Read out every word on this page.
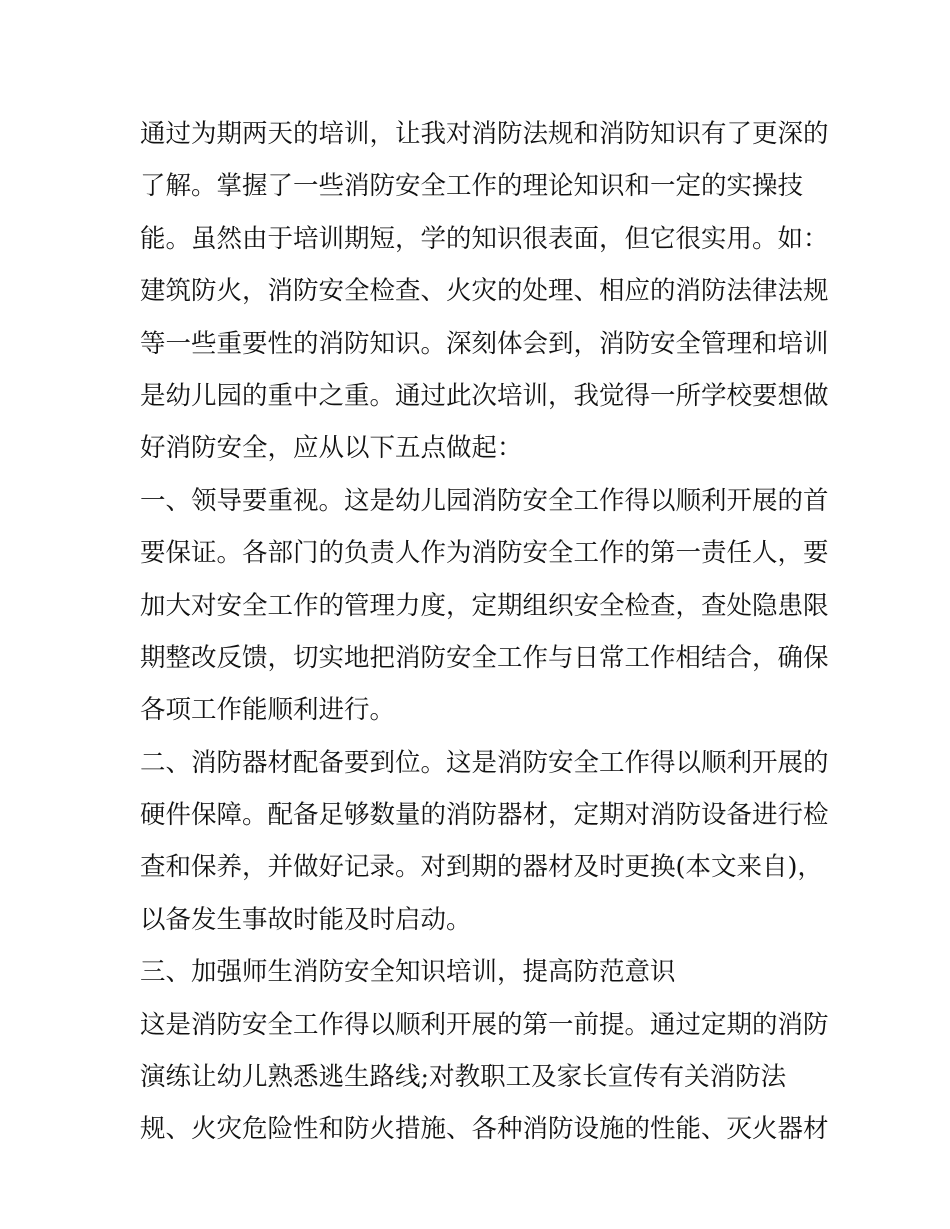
通过为期两天的培训，让我对消防法规和消防知识有了更深的
了解。掌握了一些消防安全工作的理论知识和一定的实操技
能。虽然由于培训期短，学的知识很表面，但它很实用。如：
建筑防火，消防安全检查、火灾的处理、相应的消防法律法规
等一些重要性的消防知识。深刻体会到，消防安全管理和培训
是幼儿园的重中之重。通过此次培训，我觉得一所学校要想做
好消防安全，应从以下五点做起：
一、领导要重视。这是幼儿园消防安全工作得以顺利开展的首
要保证。各部门的负责人作为消防安全工作的第一责任人，要
加大对安全工作的管理力度，定期组织安全检查，查处隐患限
期整改反馈，切实地把消防安全工作与日常工作相结合，确保
各项工作能顺利进行。
二、消防器材配备要到位。这是消防安全工作得以顺利开展的
硬件保障。配备足够数量的消防器材，定期对消防设备进行检
查和保养，并做好记录。对到期的器材及时更换(本文来自)，
以备发生事故时能及时启动。
三、加强师生消防安全知识培训，提高防范意识
这是消防安全工作得以顺利开展的第一前提。通过定期的消防
演练让幼儿熟悉逃生路线;对教职工及家长宣传有关消防法
规、火灾危险性和防火措施、各种消防设施的性能、灭火器材
